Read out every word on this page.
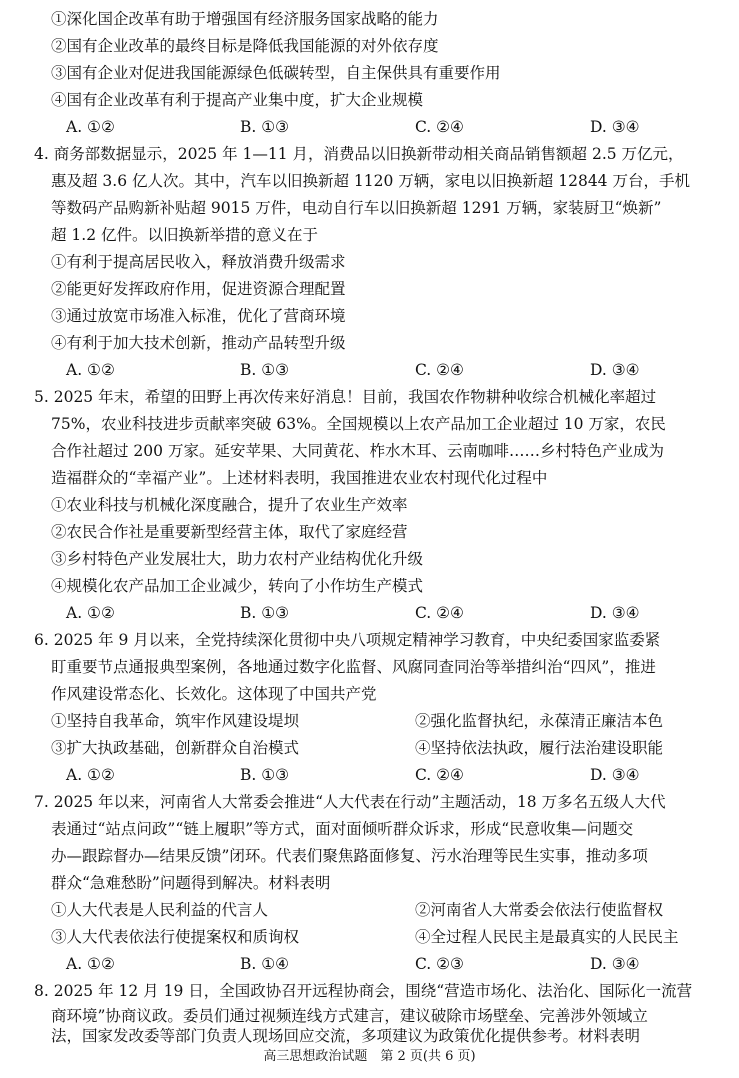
①深化国企改革有助于增强国有经济服务国家战略的能力
②国有企业改革的最终目标是降低我国能源的对外依存度
③国有企业对促进我国能源绿色低碳转型，自主保供具有重要作用
④国有企业改革有利于提高产业集中度，扩大企业规模
A. ①②	B. ①③	C. ②④	D. ③④
4. 商务部数据显示，2025 年 1—11 月，消费品以旧换新带动相关商品销售额超 2.5 万亿元，
惠及超 3.6 亿人次。其中，汽车以旧换新超 1120 万辆，家电以旧换新超 12844 万台，手机
等数码产品购新补贴超 9015 万件，电动自行车以旧换新超 1291 万辆，家装厨卫“焕新”
超 1.2 亿件。以旧换新举措的意义在于
①有利于提高居民收入，释放消费升级需求
②能更好发挥政府作用，促进资源合理配置
③通过放宽市场准入标准，优化了营商环境
④有利于加大技术创新，推动产品转型升级
A. ①②	B. ①③	C. ②④	D. ③④
5. 2025 年末，希望的田野上再次传来好消息！目前，我国农作物耕种收综合机械化率超过
75%，农业科技进步贡献率突破 63%。全国规模以上农产品加工企业超过 10 万家，农民
合作社超过 200 万家。延安苹果、大同黄花、柞水木耳、云南咖啡……乡村特色产业成为
造福群众的“幸福产业”。上述材料表明，我国推进农业农村现代化过程中
①农业科技与机械化深度融合，提升了农业生产效率
②农民合作社是重要新型经营主体，取代了家庭经营
③乡村特色产业发展壮大，助力农村产业结构优化升级
④规模化农产品加工企业减少，转向了小作坊生产模式
A. ①②	B. ①③	C. ②④	D. ③④
6. 2025 年 9 月以来，全党持续深化贯彻中央八项规定精神学习教育，中央纪委国家监委紧
盯重要节点通报典型案例，各地通过数字化监督、风腐同查同治等举措纠治“四风”，推进
作风建设常态化、长效化。这体现了中国共产党
①坚持自我革命，筑牢作风建设堤坝	②强化监督执纪，永葆清正廉洁本色
③扩大执政基础，创新群众自治模式	④坚持依法执政，履行法治建设职能
A. ①②	B. ①③	C. ②④	D. ③④
7. 2025 年以来，河南省人大常委会推进“人大代表在行动”主题活动，18 万多名五级人大代
表通过“站点问政”“链上履职”等方式，面对面倾听群众诉求，形成“民意收集—问题交
办—跟踪督办—结果反馈”闭环。代表们聚焦路面修复、污水治理等民生实事，推动多项
群众“急难愁盼”问题得到解决。材料表明
①人大代表是人民利益的代言人	②河南省人大常委会依法行使监督权
③人大代表依法行使提案权和质询权	④全过程人民民主是最真实的人民民主
A. ①②	B. ①④	C. ②③	D. ③④
8. 2025 年 12 月 19 日，全国政协召开远程协商会，围绕“营造市场化、法治化、国际化一流营
商环境”协商议政。委员们通过视频连线方式建言，建议破除市场壁垒、完善涉外领域立
法，国家发改委等部门负责人现场回应交流，多项建议为政策优化提供参考。材料表明
高三思想政治试题　第 2 页(共 6 页)
